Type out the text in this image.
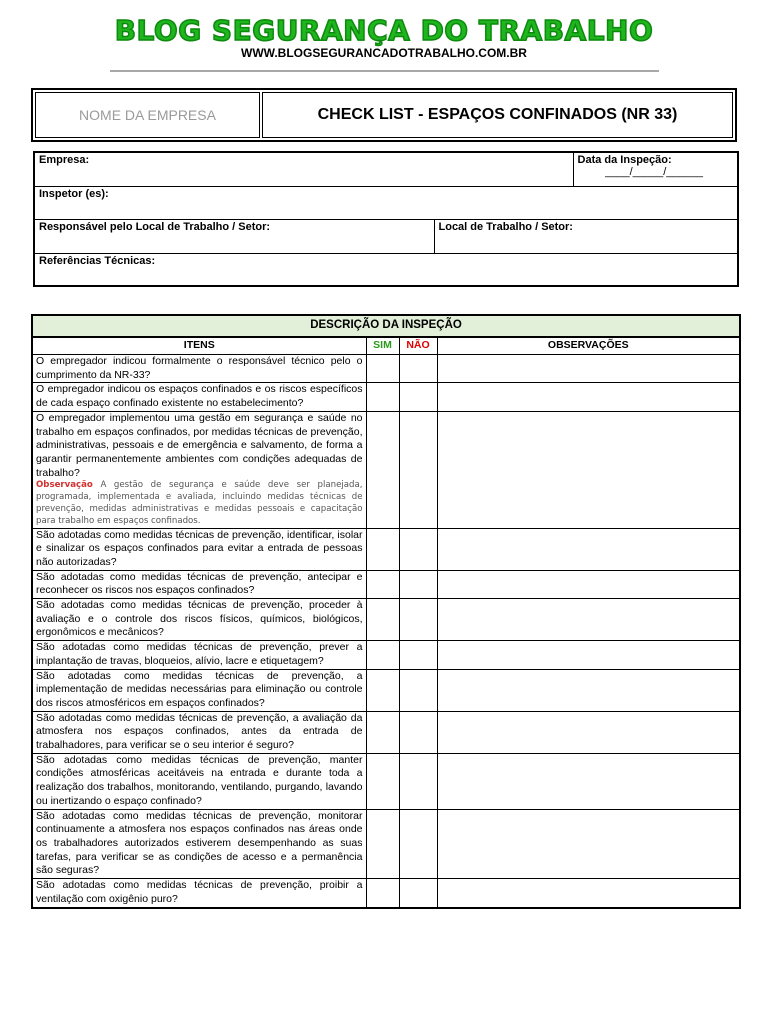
BLOG SEGURANÇA DO TRABALHO
WWW.BLOGSEGURANCADOTRABALHO.COM.BR
NOME DA EMPRESA	CHECK LIST - ESPAÇOS CONFINADOS (NR 33)
Empresa:		Data da Inspeção:
____/_____/______

Inspetor (es):		
Responsável pelo Local de Trabalho / Setor:	Local de Trabalho / Setor:	
Referências Técnicas:		
DESCRIÇÃO DA INSPEÇÃO			
ITENS	SIM	NÃO	OBSERVAÇÕES
O empregador indicou formalmente o responsável técnico pelo o cumprimento da NR-33?			
O empregador indicou os espaços confinados e os riscos específicos de cada espaço confinado existente no estabelecimento?			
O empregador implementou uma gestão em segurança e saúde no trabalho em espaços confinados, por medidas técnicas de prevenção, administrativas, pessoais e de emergência e salvamento, de forma a garantir permanentemente ambientes com condições adequadas de trabalho?
Observação A gestão de segurança e saúde deve ser planejada, programada, implementada e avaliada, incluindo medidas técnicas de prevenção, medidas administrativas e medidas pessoais e capacitação para trabalho em espaços confinados.			

São adotadas como medidas técnicas de prevenção, identificar, isolar e sinalizar os espaços confinados para evitar a entrada de pessoas não autorizadas?			
São adotadas como medidas técnicas de prevenção, antecipar e reconhecer os riscos nos espaços confinados?			
São adotadas como medidas técnicas de prevenção, proceder à avaliação e o controle dos riscos físicos, químicos, biológicos, ergonômicos e mecânicos?			
São adotadas como medidas técnicas de prevenção, prever a implantação de travas, bloqueios, alívio, lacre e etiquetagem?			
São adotadas como medidas técnicas de prevenção, a implementação de medidas necessárias para eliminação ou controle dos riscos atmosféricos em espaços confinados?			
São adotadas como medidas técnicas de prevenção, a avaliação da atmosfera nos espaços confinados, antes da entrada de trabalhadores, para verificar se o seu interior é seguro?			
São adotadas como medidas técnicas de prevenção, manter condições atmosféricas aceitáveis na entrada e durante toda a realização dos trabalhos, monitorando, ventilando, purgando, lavando ou inertizando o espaço confinado?			
São adotadas como medidas técnicas de prevenção, monitorar continuamente a atmosfera nos espaços confinados nas áreas onde os trabalhadores autorizados estiverem desempenhando as suas tarefas, para verificar se as condições de acesso e a permanência são seguras?			
São adotadas como medidas técnicas de prevenção, proibir a ventilação com oxigênio puro?			
